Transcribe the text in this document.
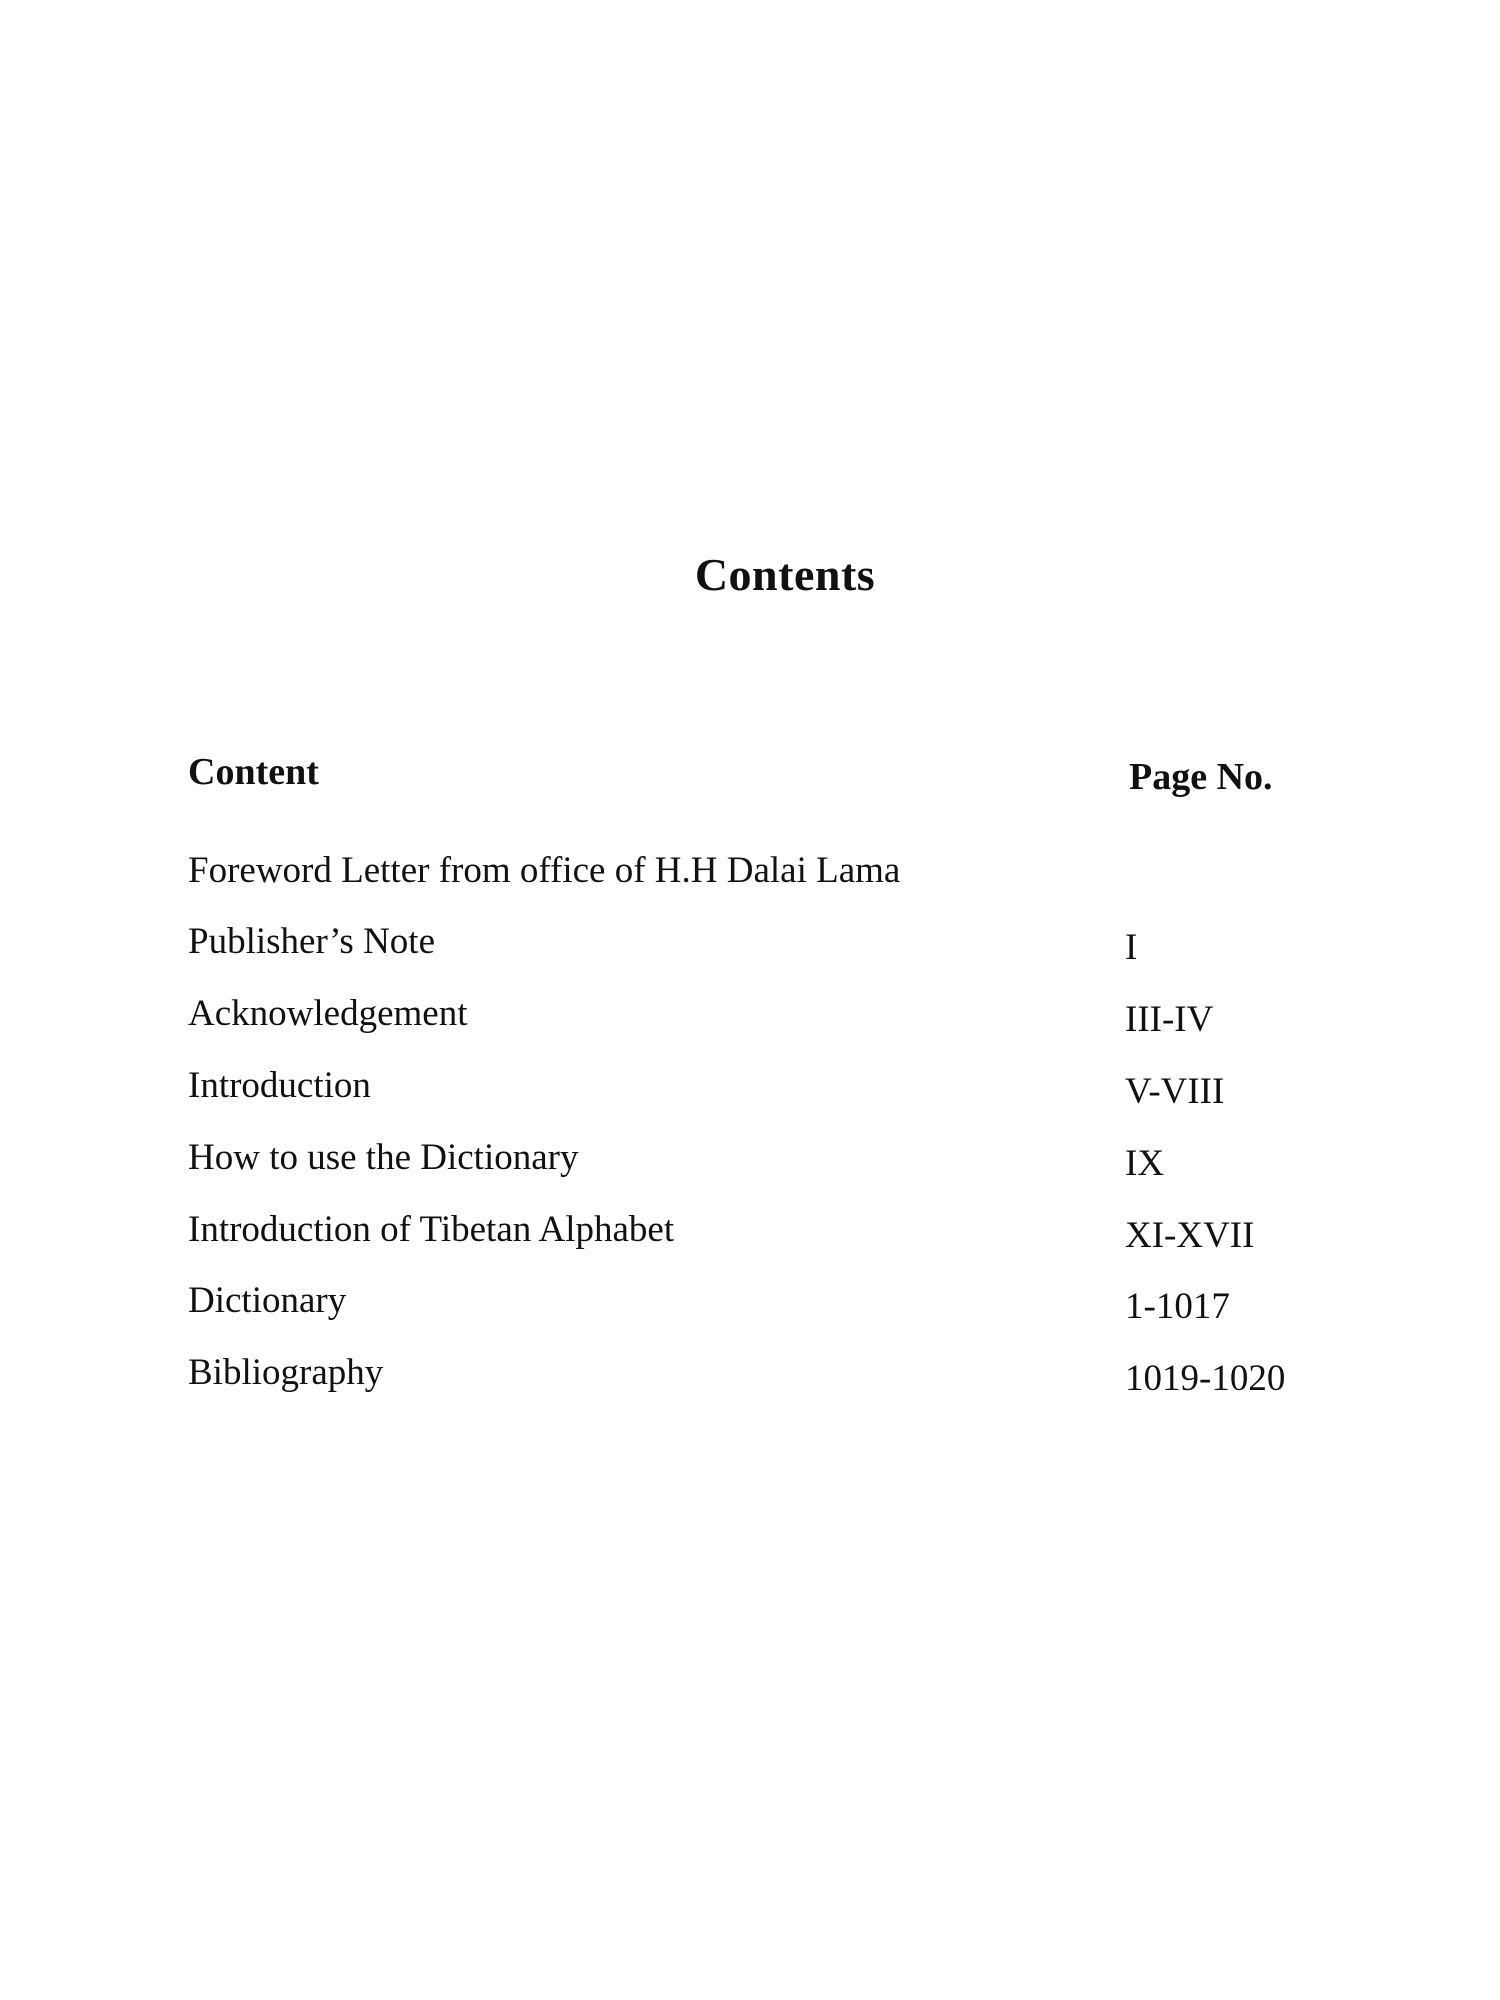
Contents
Content	Page No.
Foreword Letter from office of H.H Dalai Lama
Publisher’s Note	I
Acknowledgement	III-IV
Introduction	V-VIII
How to use the Dictionary	IX
Introduction of Tibetan Alphabet	XI-XVII
Dictionary	1-1017
Bibliography	1019-1020
